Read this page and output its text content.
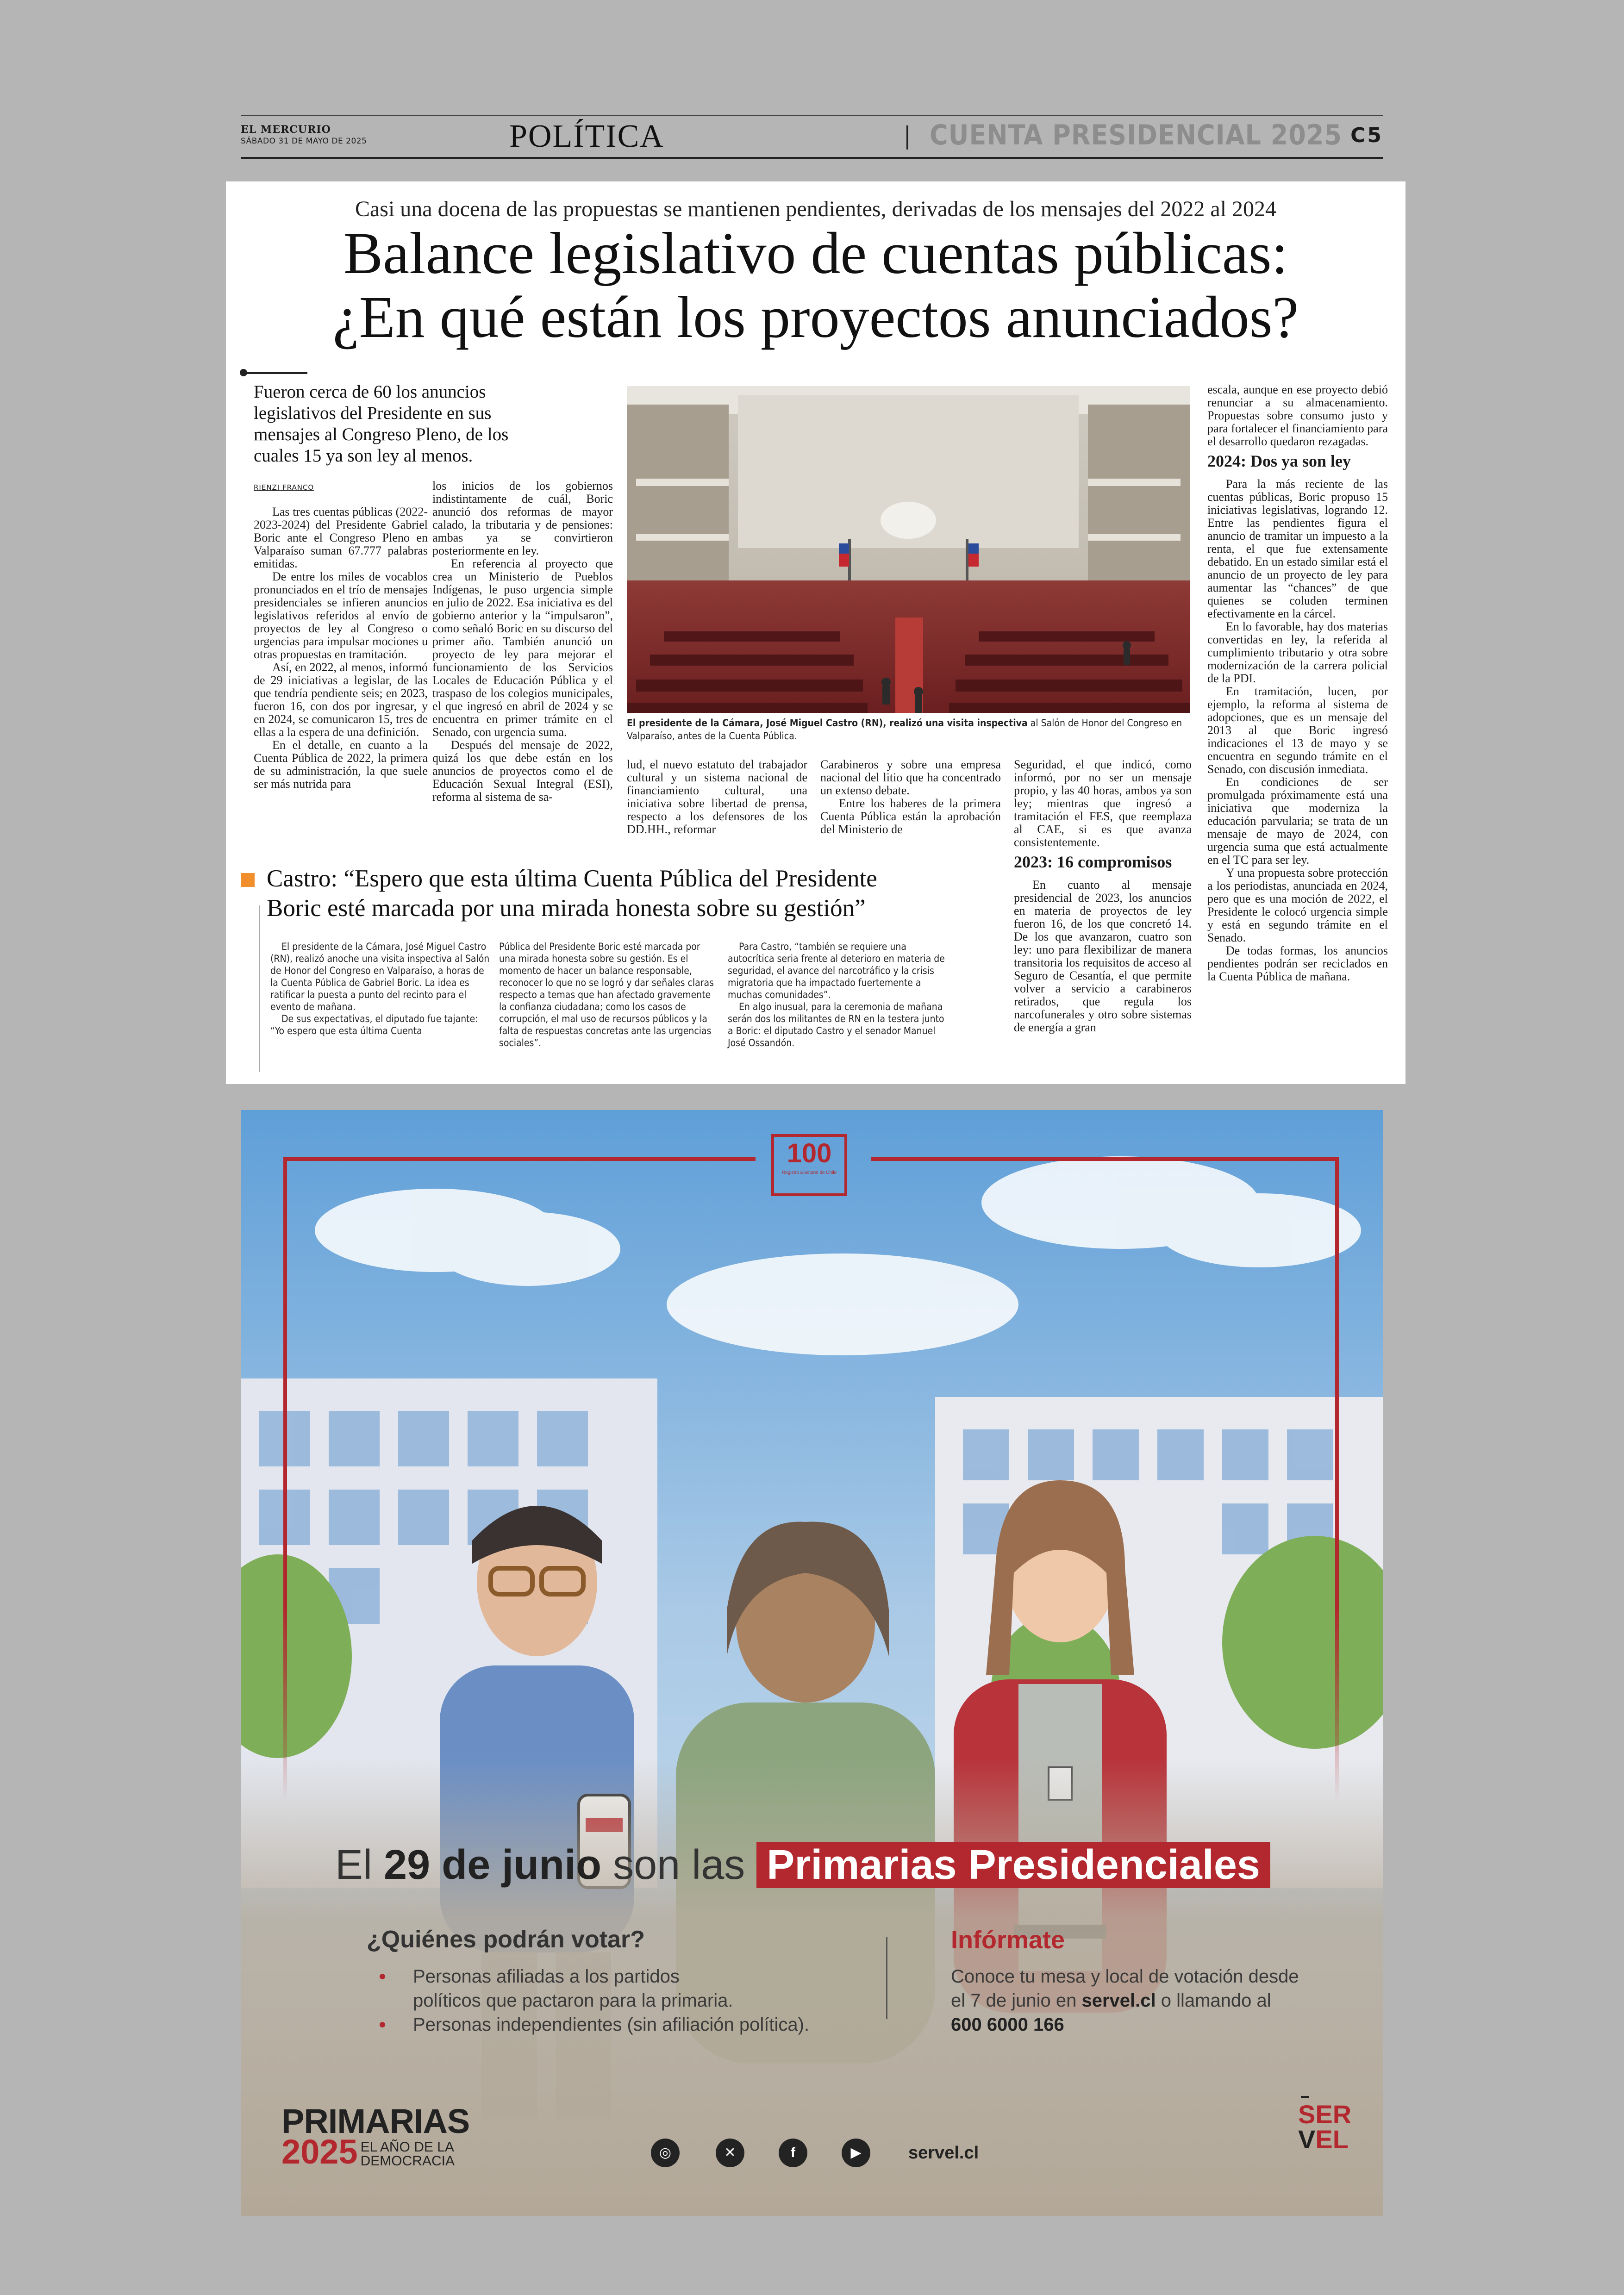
EL MERCURIO
SÁBADO 31 DE MAYO DE 2025	POLÍTICA	CUENTA PRESIDENCIAL 2025 C5
Casi una docena de las propuestas se mantienen pendientes, derivadas de los mensajes del 2022 al 2024
Balance legislativo de cuentas públicas:
¿En qué están los proyectos anunciados?
Fueron cerca de 60 los anuncios legislativos del Presidente en sus mensajes al Congreso Pleno, de los cuales 15 ya son ley al menos.
RIENZI FRANCO

Las tres cuentas públicas (2022-2023-2024) del Presidente Gabriel Boric ante el Congreso Pleno en Valparaíso suman 67.777 palabras emitidas.

De entre los miles de vocablos pronunciados en el trío de mensajes presidenciales se infieren anuncios legislativos referidos al envío de proyectos de ley al Congreso o urgencias para impulsar mociones u otras propuestas en tramitación.

Así, en 2022, al menos, informó de 29 iniciativas a legislar, de las que tendría pendiente seis; en 2023, fueron 16, con dos por ingresar, y en 2024, se comunicaron 15, tres de ellas a la espera de una definición.

En el detalle, en cuanto a la Cuenta Pública de 2022, la primera de su administración, la que suele ser más nutrida para

los inicios de los gobiernos indistintamente de cuál, Boric anunció dos reformas de mayor calado, la tributaria y de pensiones: ambas ya se convirtieron posteriormente en ley.

En referencia al proyecto que crea un Ministerio de Pueblos Indígenas, le puso urgencia simple en julio de 2022. Esa iniciativa es del gobierno anterior y la “impulsaron”, como señaló Boric en su discurso del primer año. También anunció un proyecto de ley para mejorar el funcionamiento de los Servicios Locales de Educación Pública y el traspaso de los colegios municipales, el que ingresó en abril de 2024 y se encuentra en primer trámite en el Senado, con urgencia suma.

Después del mensaje de 2022, quizá los que debe están en los anuncios de proyectos como el de Educación Sexual Integral (ESI), reforma al sistema de sa-

El presidente de la Cámara, José Miguel Castro (RN), realizó una visita inspectiva al Salón de Honor del Congreso en Valparaíso, antes de la Cuenta Pública.

lud, el nuevo estatuto del trabajador cultural y un sistema nacional de financiamiento cultural, una iniciativa sobre libertad de prensa, respecto a los defensores de los DD.HH., reformar

Carabineros y sobre una empresa nacional del litio que ha concentrado un extenso debate.

Entre los haberes de la primera Cuenta Pública están la aprobación del Ministerio de

Seguridad, el que indicó, como informó, por no ser un mensaje propio, y las 40 horas, ambos ya son ley; mientras que ingresó a tramitación el FES, que reemplaza al CAE, si es que avanza consistentemente.

2023: 16 compromisos

En cuanto al mensaje presidencial de 2023, los anuncios en materia de proyectos de ley fueron 16, de los que concretó 14. De los que avanzaron, cuatro son ley: uno para flexibilizar de manera transitoria los requisitos de acceso al Seguro de Cesantía, el que permite volver a servicio a carabineros retirados, que regula los narcofunerales y otro sobre sistemas de energía a gran

escala, aunque en ese proyecto debió renunciar a su almacenamiento. Propuestas sobre consumo justo y para fortalecer el financiamiento para el desarrollo quedaron rezagadas.

2024: Dos ya son ley

Para la más reciente de las cuentas públicas, Boric propuso 15 iniciativas legislativas, logrando 12. Entre las pendientes figura el anuncio de tramitar un impuesto a la renta, el que fue extensamente debatido. En un estado similar está el anuncio de un proyecto de ley para aumentar las “chances” de que quienes se coluden terminen efectivamente en la cárcel.

En lo favorable, hay dos materias convertidas en ley, la referida al cumplimiento tributario y otra sobre modernización de la carrera policial de la PDI.

En tramitación, lucen, por ejemplo, la reforma al sistema de adopciones, que es un mensaje del 2013 al que Boric ingresó indicaciones el 13 de mayo y se encuentra en segundo trámite en el Senado, con discusión inmediata.

En condiciones de ser promulgada próximamente está una iniciativa que moderniza la educación parvularia; se trata de un mensaje de mayo de 2024, con urgencia suma que está actualmente en el TC para ser ley.

Y una propuesta sobre protección a los periodistas, anunciada en 2024, pero que es una moción de 2022, el Presidente le colocó urgencia simple y está en segundo trámite en el Senado.

De todas formas, los anuncios pendientes podrán ser reciclados en la Cuenta Pública de mañana.

Castro: “Espero que esta última Cuenta Pública del Presidente
Boric esté marcada por una mirada honesta sobre su gestión”

El presidente de la Cámara, José Miguel Castro (RN), realizó anoche una visita inspectiva al Salón de Honor del Congreso en Valparaíso, a horas de la Cuenta Pública de Gabriel Boric. La idea es ratificar la puesta a punto del recinto para el evento de mañana.

De sus expectativas, el diputado fue tajante: “Yo espero que esta última Cuenta

Pública del Presidente Boric esté marcada por una mirada honesta sobre su gestión. Es el momento de hacer un balance responsable, reconocer lo que no se logró y dar señales claras respecto a temas que han afectado gravemente la confianza ciudadana; como los casos de corrupción, el mal uso de recursos públicos y la falta de respuestas concretas ante las urgencias sociales”.

Para Castro, “también se requiere una autocrítica seria frente al deterioro en materia de seguridad, el avance del narcotráfico y la crisis migratoria que ha impactado fuertemente a muchas comunidades”.

En algo inusual, para la ceremonia de mañana serán dos los militantes de RN en la testera junto a Boric: el diputado Castro y el senador Manuel José Ossandón.

100
Registro Electoral de Chile
El 29 de junio son las Primarias Presidenciales
¿Quiénes podrán votar?
Personas afiliadas a los partidos políticos que pactaron para la primaria.
Personas independientes (sin afiliación política).
Infórmate
Conoce tu mesa y local de votación desde el 7 de junio en servel.cl o llamando al 600 6000 166
PRIMARIAS
2025 EL AÑO DE LA DEMOCRACIA
◎	✕	f	▶	servel.cl
SER
VEL
